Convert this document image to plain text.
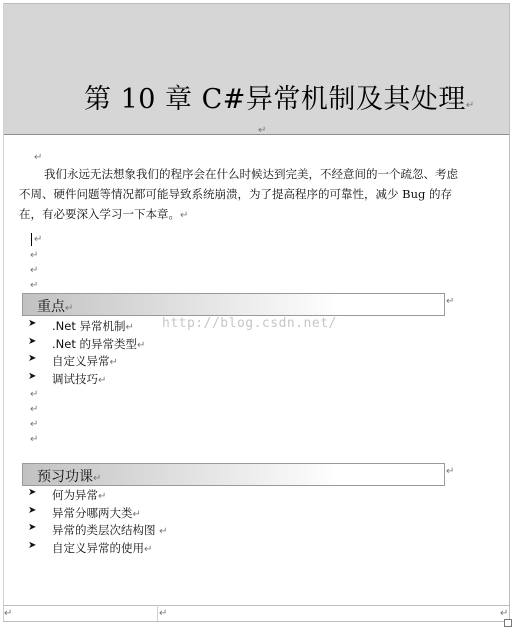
第 10 章 C#异常机制及其处理↵
↵
↵
我们永远无法想象我们的程序会在什么时候达到完美，不经意间的一个疏忽、考虑不周、硬件问题等情况都可能导致系统崩溃，为了提高程序的可靠性，减少 Bug 的存在，有必要深入学习一下本章。↵
↵
↵
↵
↵
重点↵
↵
➤ .Net 异常机制↵
➤ .Net 的异常类型↵
➤ 自定义异常↵
➤ 调试技巧↵
http://blog.csdn.net/
↵
↵
↵
↵
预习功课↵
↵
➤ 何为异常↵
➤ 异常分哪两大类↵
➤ 异常的类层次结构图 ↵
➤ 自定义异常的使用↵
↵	↵	↵
